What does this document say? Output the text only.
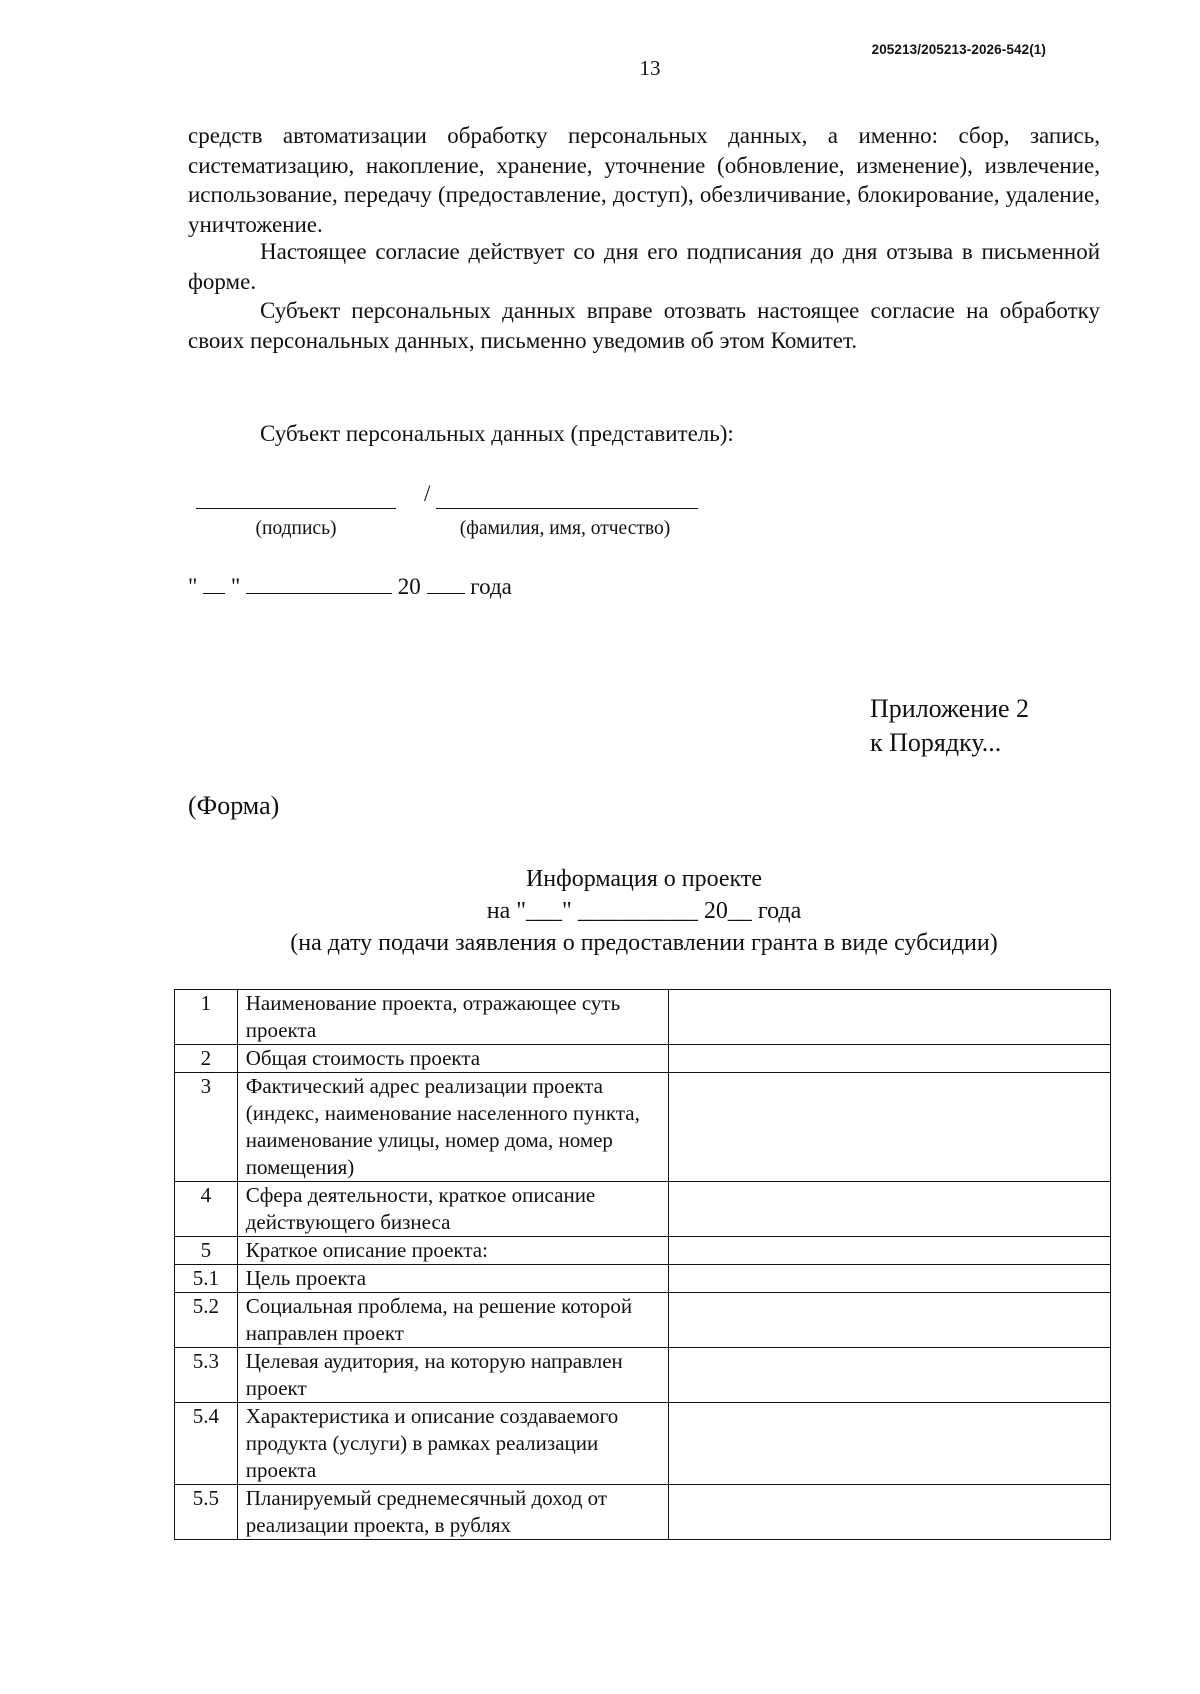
13
205213/205213-2026-542(1)
средств автоматизации обработку персональных данных, а именно: сбор, запись, систематизацию, накопление, хранение, уточнение (обновление, изменение), извлечение, использование, передачу (предоставление, доступ), обезличивание, блокирование, удаление, уничтожение.
Настоящее согласие действует со дня его подписания до дня отзыва в письменной форме.
Субъект персональных данных вправе отозвать настоящее согласие на обработку своих персональных данных, письменно уведомив об этом Комитет.
Субъект персональных данных (представитель):
/
(подпись)	(фамилия, имя, отчество)
" "	20 года
Приложение 2
к Порядку...
(Форма)
Информация о проекте
на "___" __________ 20__ года
(на дату подачи заявления о предоставлении гранта в виде субсидии)
1	Наименование проекта, отражающее суть проекта	
2	Общая стоимость проекта	
3	Фактический адрес реализации проекта (индекс, наименование населенного пункта, наименование улицы, номер дома, номер помещения)	
4	Сфера деятельности, краткое описание действующего бизнеса	
5	Краткое описание проекта:	
5.1	Цель проекта	
5.2	Социальная проблема, на решение которой направлен проект	
5.3	Целевая аудитория, на которую направлен проект	
5.4	Характеристика и описание создаваемого продукта (услуги) в рамках реализации проекта	
5.5	Планируемый среднемесячный доход от реализации проекта, в рублях	
